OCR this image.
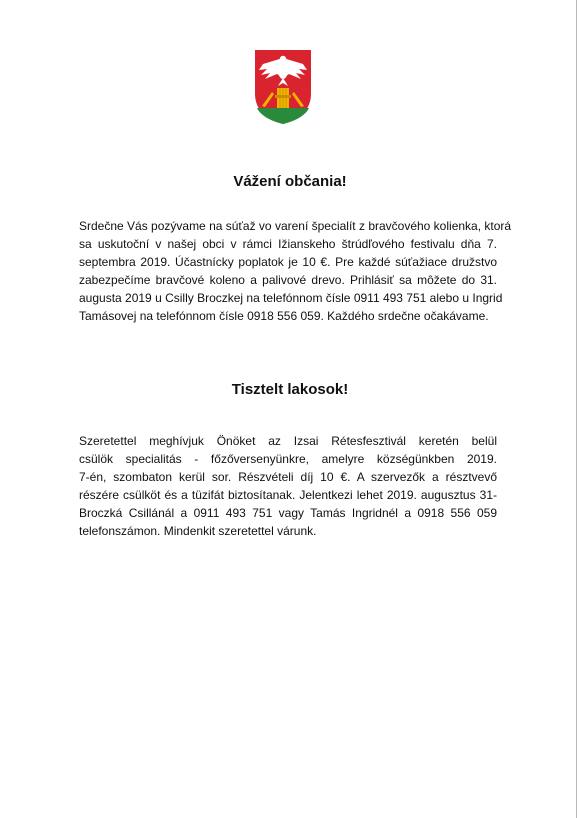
Vážení občania!

Srdečne Vás pozývame na súťaž vo varení špecialít z bravčového kolienka, ktorá
sa uskutoční v našej obci v rámci Ižianskeho štrúdľového festivalu dňa 7.
septembra 2019. Účastnícky poplatok je 10 €. Pre každé súťažiace družstvo
zabezpečíme bravčové koleno a palivové drevo. Prihlásiť sa môžete do 31.
augusta 2019 u Csilly Broczkej na telefónnom čísle 0911 493 751 alebo u Ingrid
Tamásovej na telefónnom čísle 0918 556 059. Každého srdečne očakávame.

Tisztelt lakosok!

Szeretettel meghívjuk Önöket az Izsai Rétesfesztivál keretén belül
csülök specialitás - főzőversenyünkre, amelyre községünkben 2019.
7-én, szombaton kerül sor. Részvételi díj 10 €. A szervezők a résztvevő
részére csülköt és a tüzifát biztosítanak. Jelentkezi lehet 2019. augusztus 31-
Broczká Csillánál a 0911 493 751 vagy Tamás Ingridnél a 0918 556 059
telefonszámon. Mindenkit szeretettel várunk.
